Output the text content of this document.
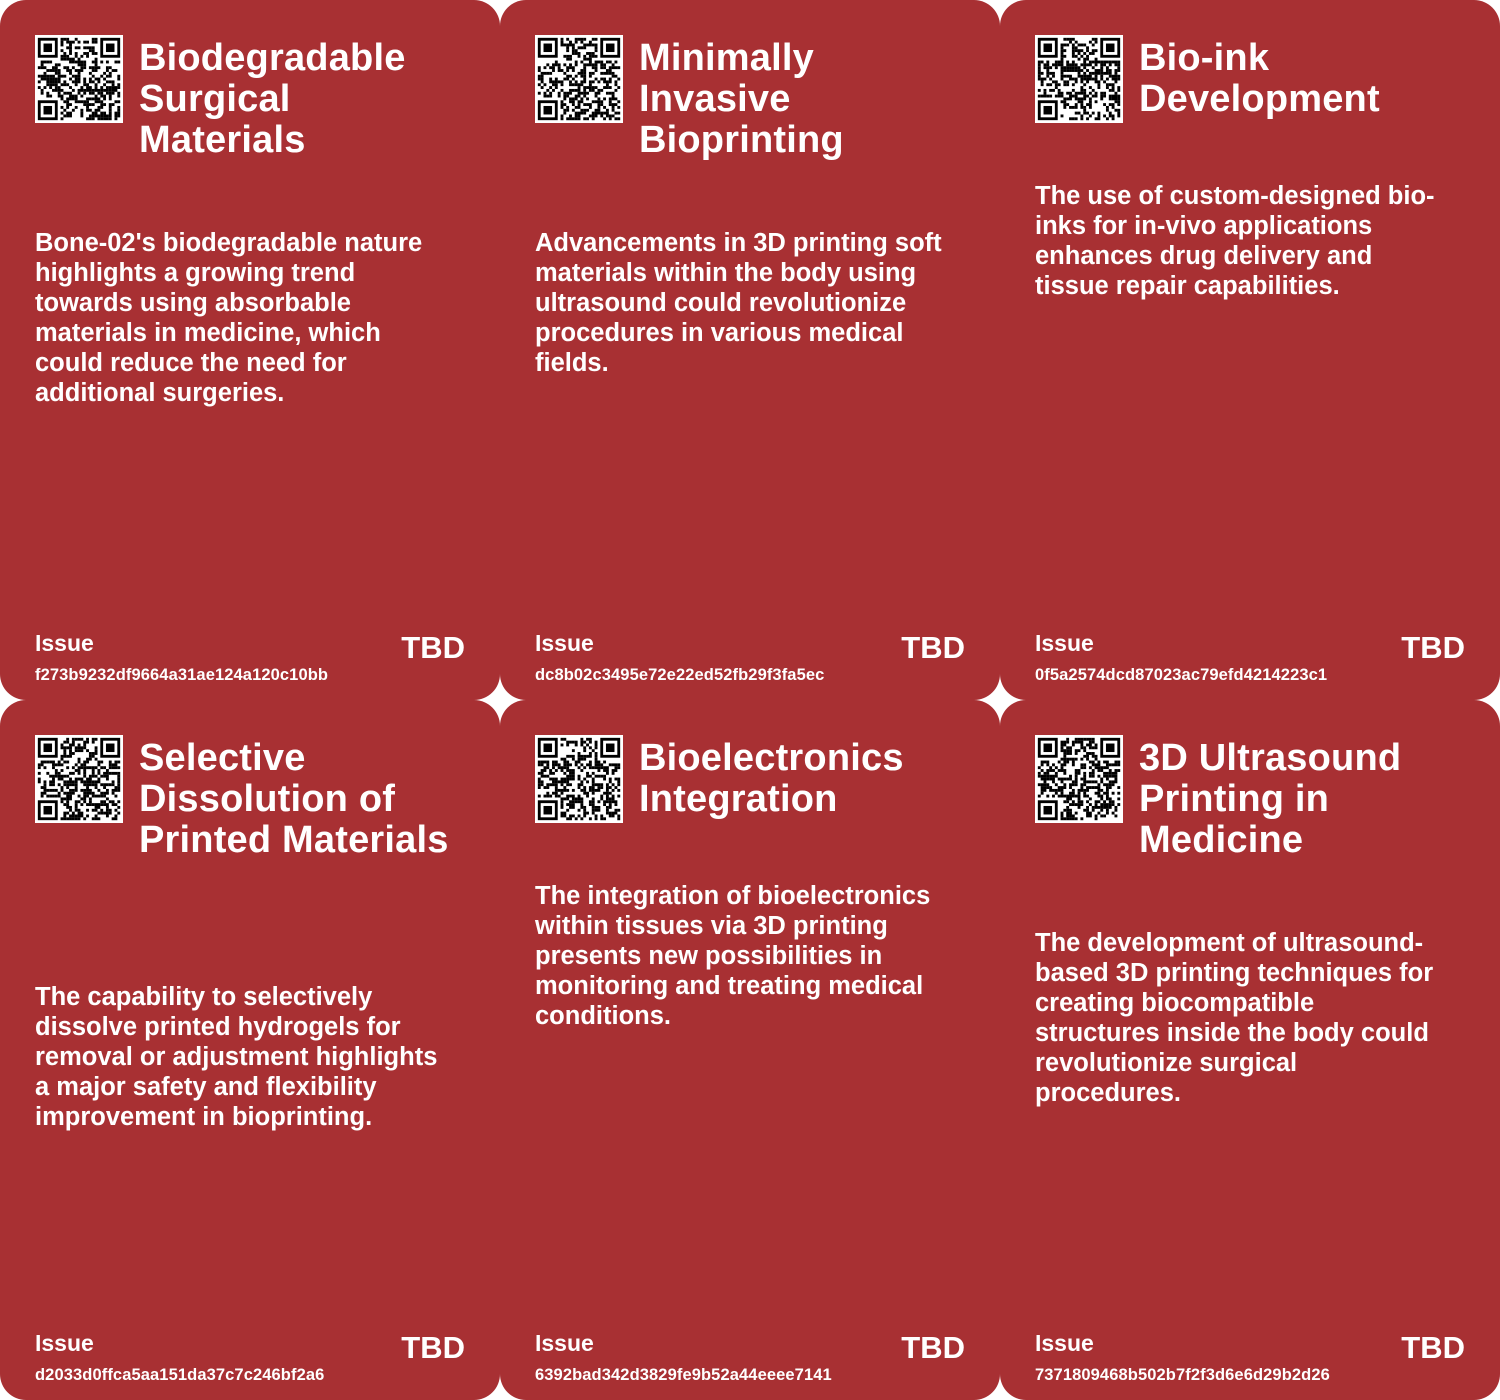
Biodegradable Surgical Materials
Bone-02's biodegradable nature highlights a growing trend towards using absorbable materials in medicine, which could reduce the need for additional surgeries.
Issue
f273b9232df9664a31ae124a120c10bb
TBD
Minimally Invasive Bioprinting
Advancements in 3D printing soft materials within the body using ultrasound could revolutionize procedures in various medical fields.
Issue
dc8b02c3495e72e22ed52fb29f3fa5ec
TBD
Bio-ink Development
The use of custom-designed bio-inks for in-vivo applications enhances drug delivery and tissue repair capabilities.
Issue
0f5a2574dcd87023ac79efd4214223c1
TBD
Selective Dissolution of Printed Materials
The capability to selectively dissolve printed hydrogels for removal or adjustment highlights a major safety and flexibility improvement in bioprinting.
Issue
d2033d0ffca5aa151da37c7c246bf2a6
TBD
Bioelectronics Integration
The integration of bioelectronics within tissues via 3D printing presents new possibilities in monitoring and treating medical conditions.
Issue
6392bad342d3829fe9b52a44eeee7141
TBD
3D Ultrasound Printing in Medicine
The development of ultrasound-based 3D printing techniques for creating biocompatible structures inside the body could revolutionize surgical procedures.
Issue
7371809468b502b7f2f3d6e6d29b2d26
TBD
